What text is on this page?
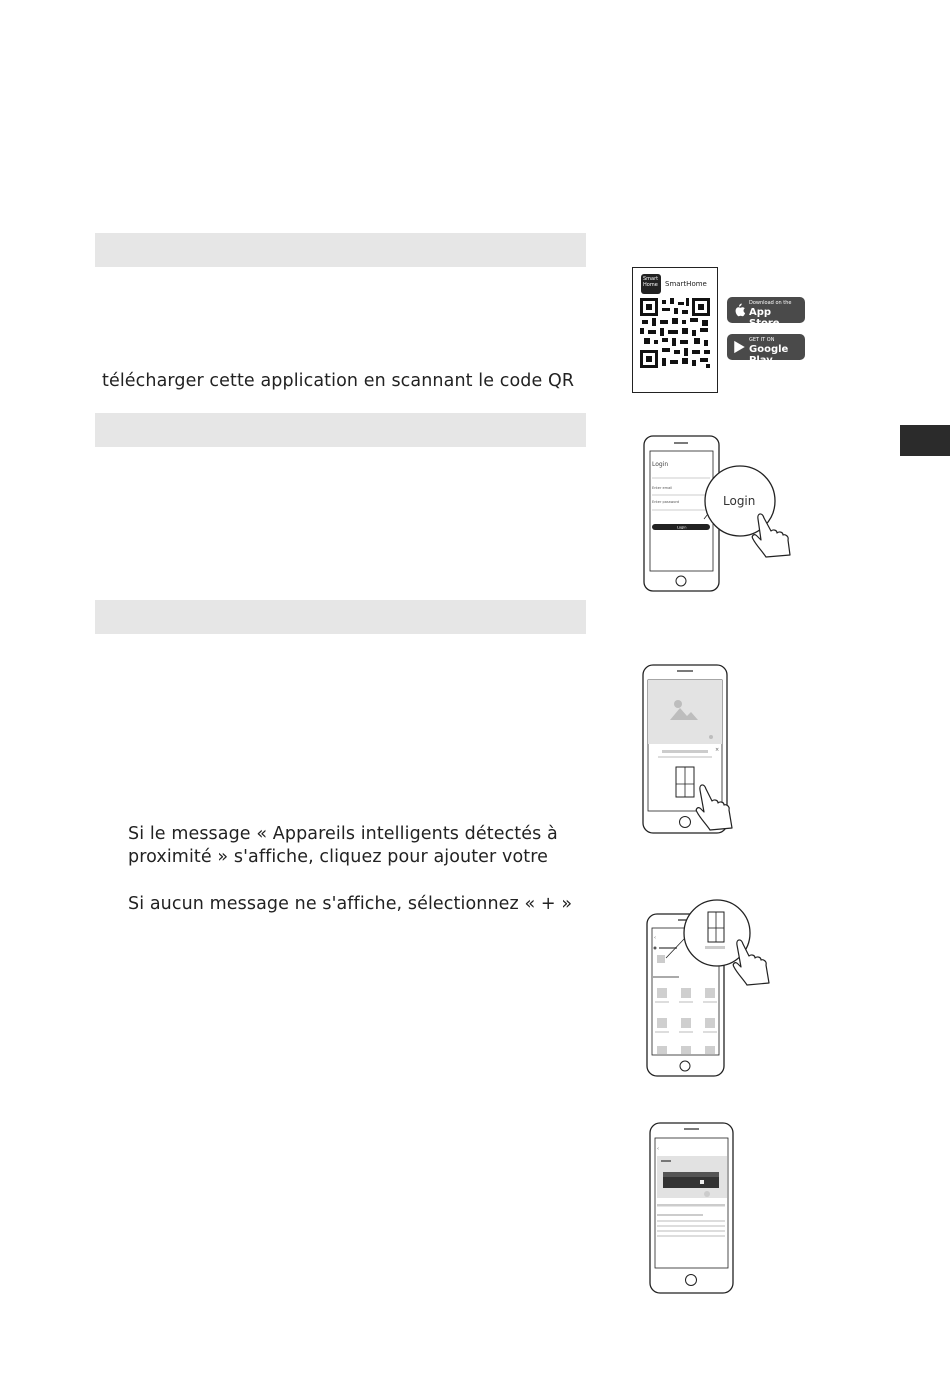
télécharger cette application en scannant le code QR
Si le message « Appareils intelligents détectés à
proximité » s'affiche, cliquez pour ajouter votre
Si aucun message ne s'affiche, sélectionnez « + »
Smart
Home	SmartHome
Download on the
App Store
GET IT ON
Google Play
Login
Enter email
Enter password
Login
Login
×
‹
‹
